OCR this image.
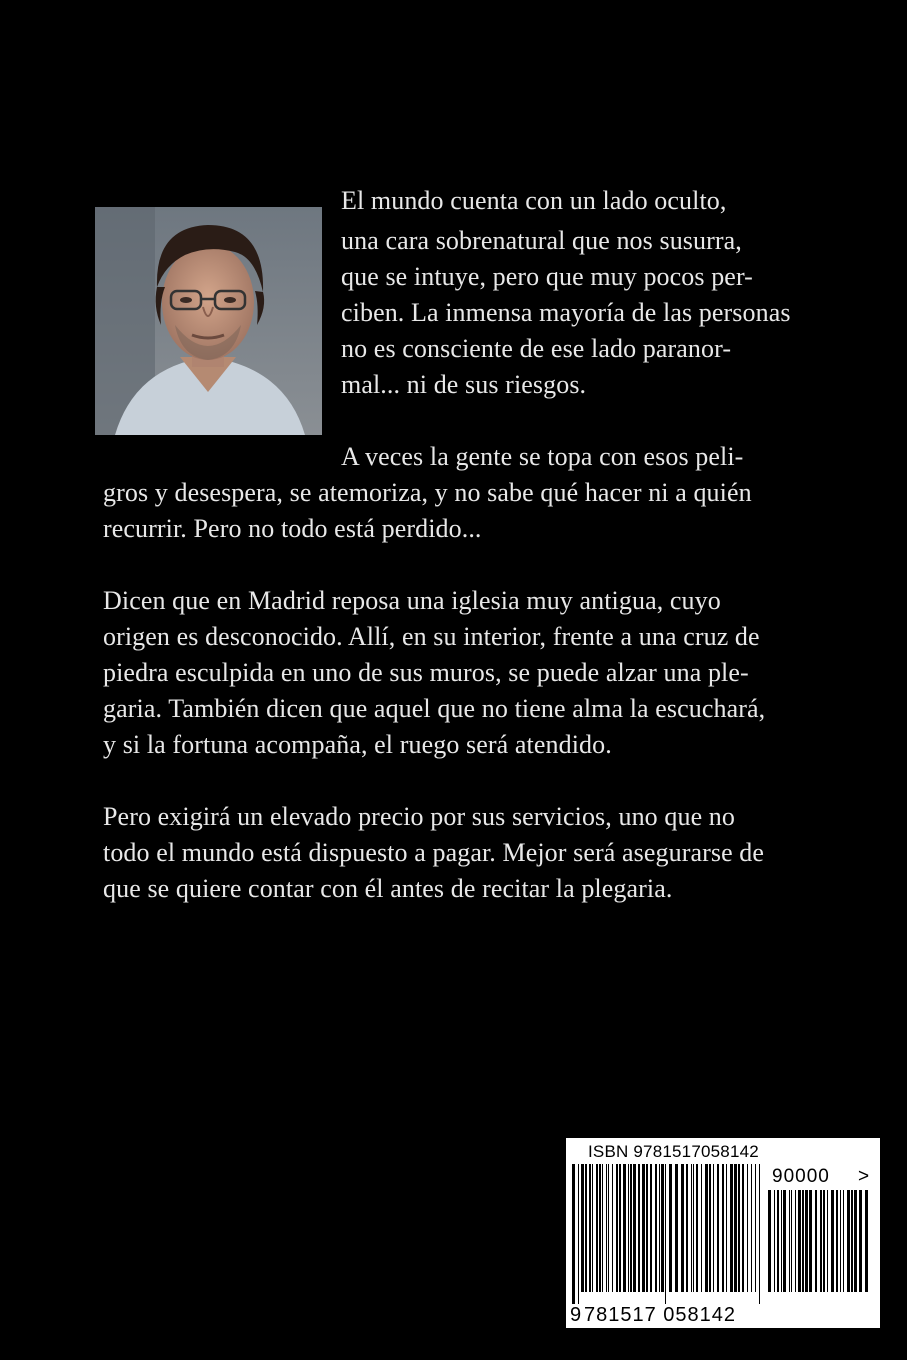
El mundo cuenta con un lado oculto,
una cara sobrenatural que nos susurra,
que se intuye, pero que muy pocos per-
ciben. La inmensa mayoría de las personas
no es consciente de ese lado paranor-
mal... ni de sus riesgos.
A veces la gente se topa con esos peli-
gros y desespera, se atemoriza, y no sabe qué hacer ni a quién
recurrir. Pero no todo está perdido...
Dicen que en Madrid reposa una iglesia muy antigua, cuyo
origen es desconocido. Allí, en su interior, frente a una cruz de
piedra esculpida en uno de sus muros, se puede alzar una ple-
garia. También dicen que aquel que no tiene alma la escuchará,
y si la fortuna acompaña, el ruego será atendido.
Pero exigirá un elevado precio por sus servicios, uno que no
todo el mundo está dispuesto a pagar. Mejor será asegurarse de
que se quiere contar con él antes de recitar la plegaria.
ISBN 9781517058142
9 781517 058142
90000 >
